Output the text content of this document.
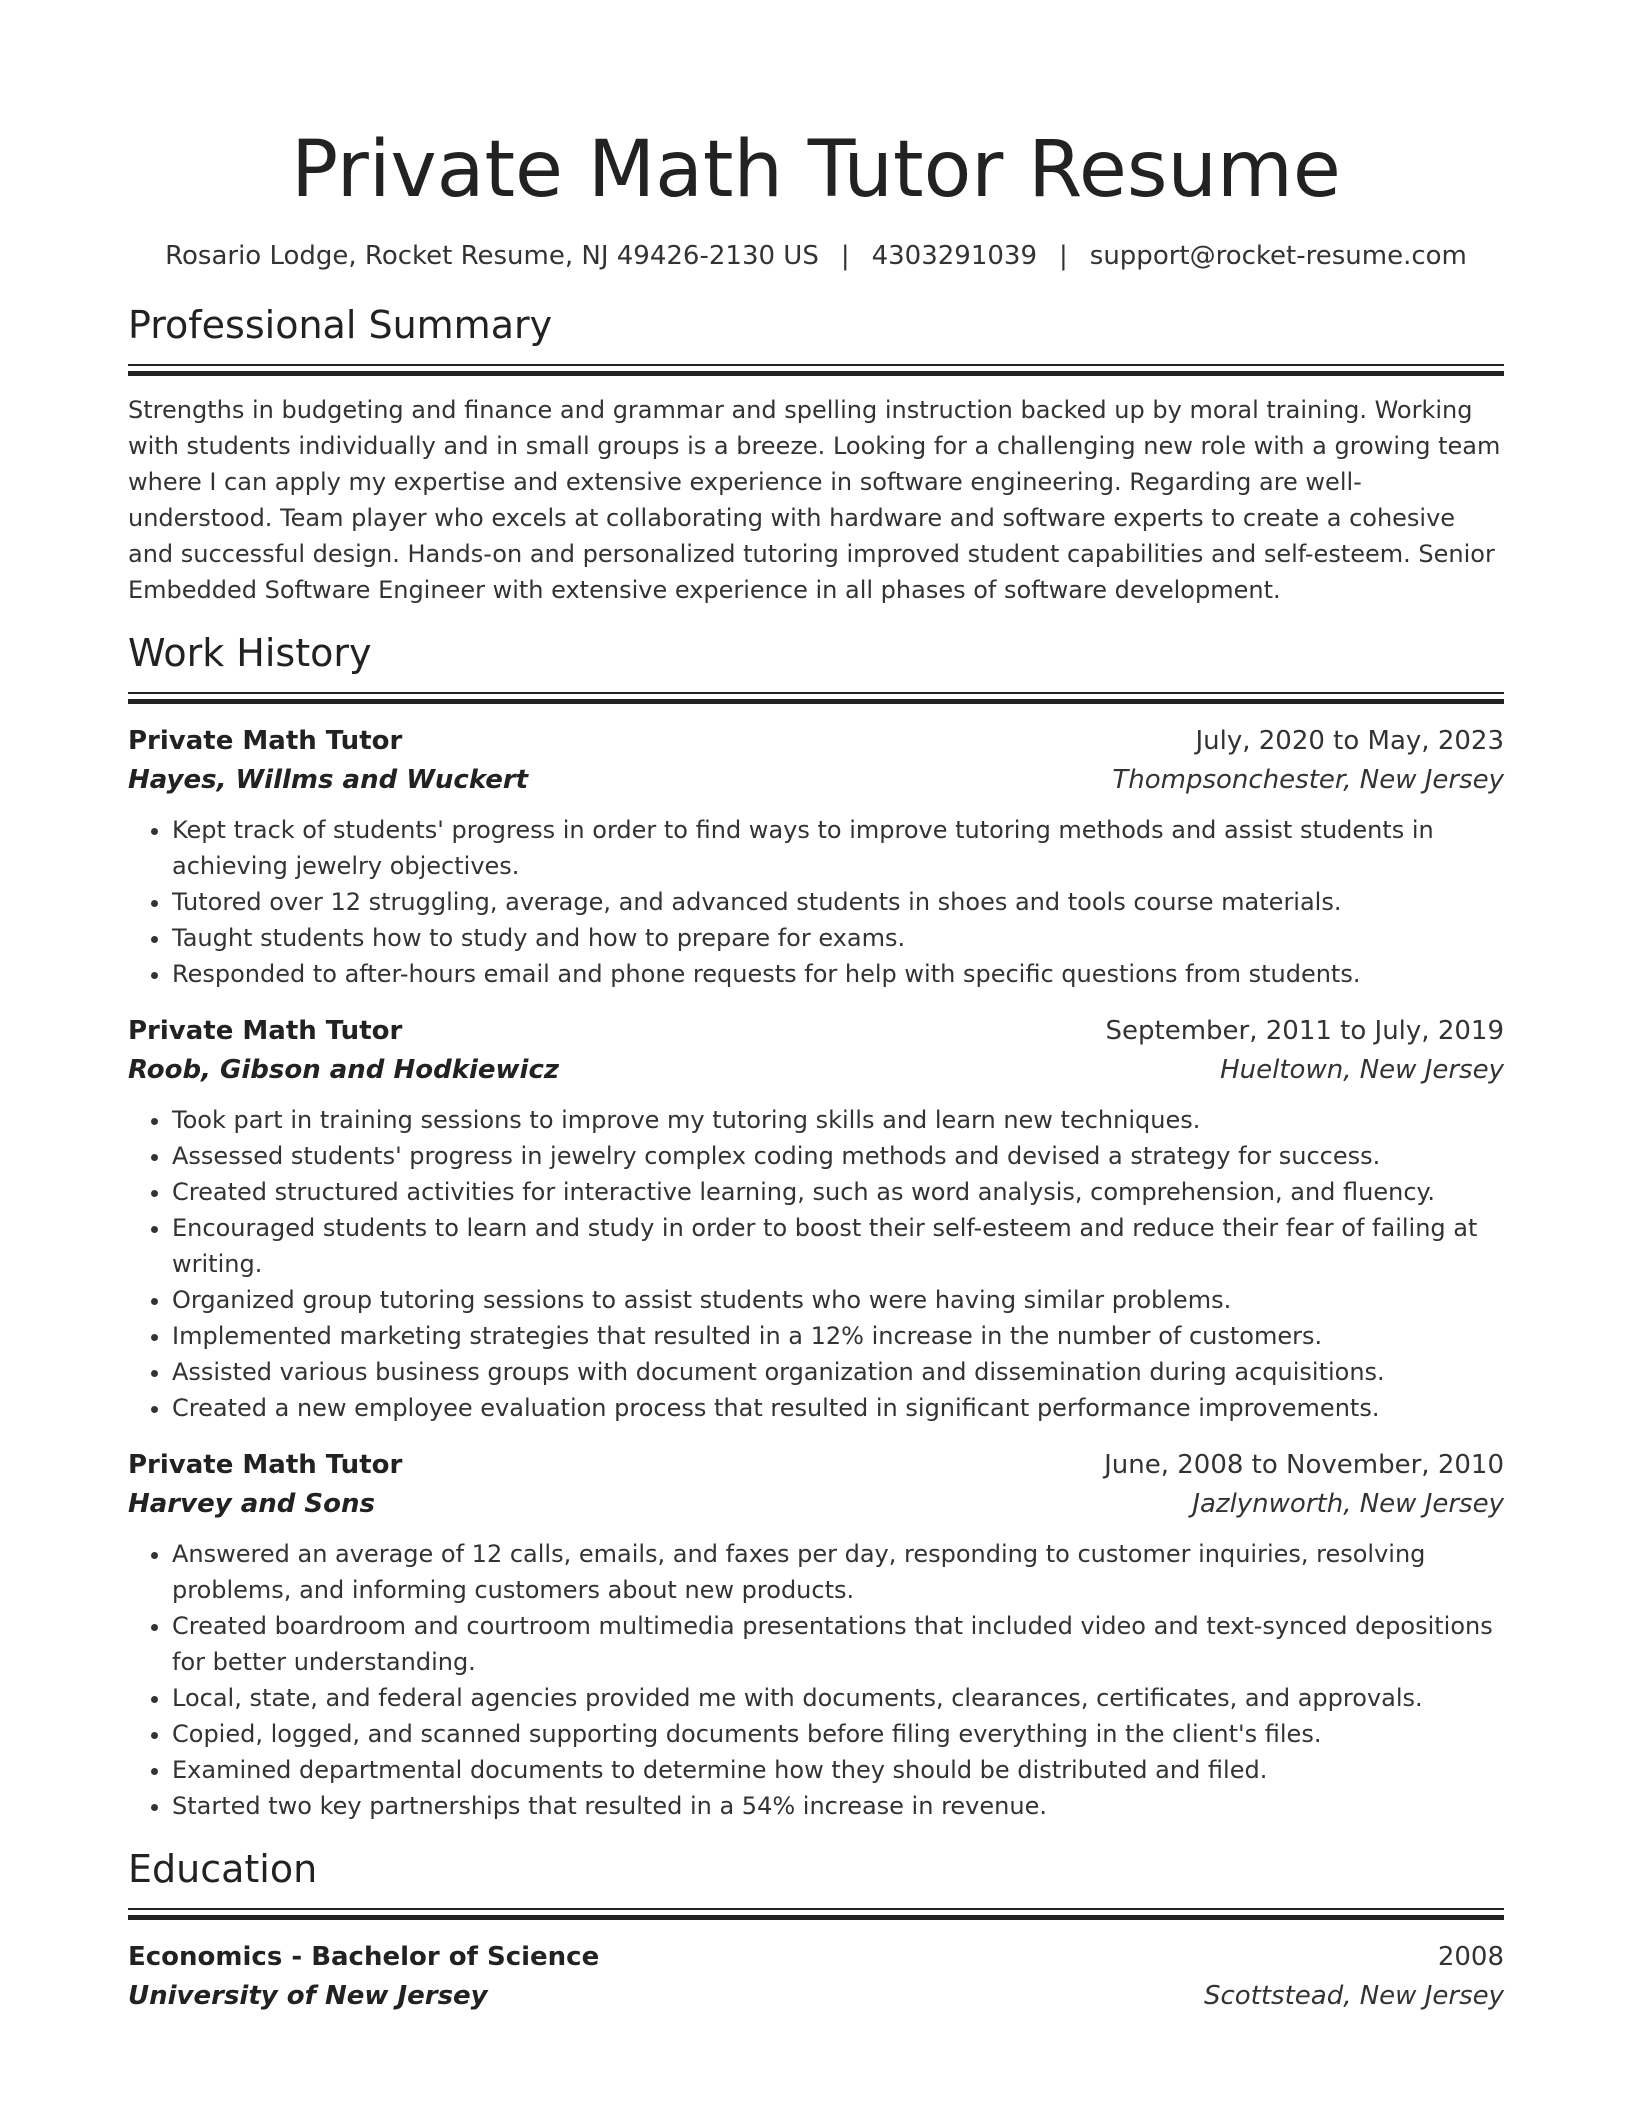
Private Math Tutor Resume
Rosario Lodge, Rocket Resume, NJ 49426-2130 US | 4303291039 | support@rocket-resume.com
Professional Summary

Strengths in budgeting and finance and grammar and spelling instruction backed up by moral training. Working with students individually and in small groups is a breeze. Looking for a challenging new role with a growing team where I can apply my expertise and extensive experience in software engineering. Regarding are well-understood. Team player who excels at collaborating with hardware and software experts to create a cohesive and successful design. Hands-on and personalized tutoring improved student capabilities and self-esteem. Senior Embedded Software Engineer with extensive experience in all phases of software development.

Work History
Private Math Tutor	July, 2020 to May, 2023
Hayes, Willms and Wuckert	Thompsonchester, New Jersey
• Kept track of students' progress in order to find ways to improve tutoring methods and assist students in achieving jewelry objectives.
• Tutored over 12 struggling, average, and advanced students in shoes and tools course materials.
• Taught students how to study and how to prepare for exams.
• Responded to after-hours email and phone requests for help with specific questions from students.
Private Math Tutor	September, 2011 to July, 2019
Roob, Gibson and Hodkiewicz	Hueltown, New Jersey
• Took part in training sessions to improve my tutoring skills and learn new techniques.
• Assessed students' progress in jewelry complex coding methods and devised a strategy for success.
• Created structured activities for interactive learning, such as word analysis, comprehension, and fluency.
• Encouraged students to learn and study in order to boost their self-esteem and reduce their fear of failing at writing.
• Organized group tutoring sessions to assist students who were having similar problems.
• Implemented marketing strategies that resulted in a 12% increase in the number of customers.
• Assisted various business groups with document organization and dissemination during acquisitions.
• Created a new employee evaluation process that resulted in significant performance improvements.
Private Math Tutor	June, 2008 to November, 2010
Harvey and Sons	Jazlynworth, New Jersey
• Answered an average of 12 calls, emails, and faxes per day, responding to customer inquiries, resolving problems, and informing customers about new products.
• Created boardroom and courtroom multimedia presentations that included video and text-synced depositions for better understanding.
• Local, state, and federal agencies provided me with documents, clearances, certificates, and approvals.
• Copied, logged, and scanned supporting documents before filing everything in the client's files.
• Examined departmental documents to determine how they should be distributed and filed.
• Started two key partnerships that resulted in a 54% increase in revenue.
Education
Economics - Bachelor of Science	2008
University of New Jersey	Scottstead, New Jersey
